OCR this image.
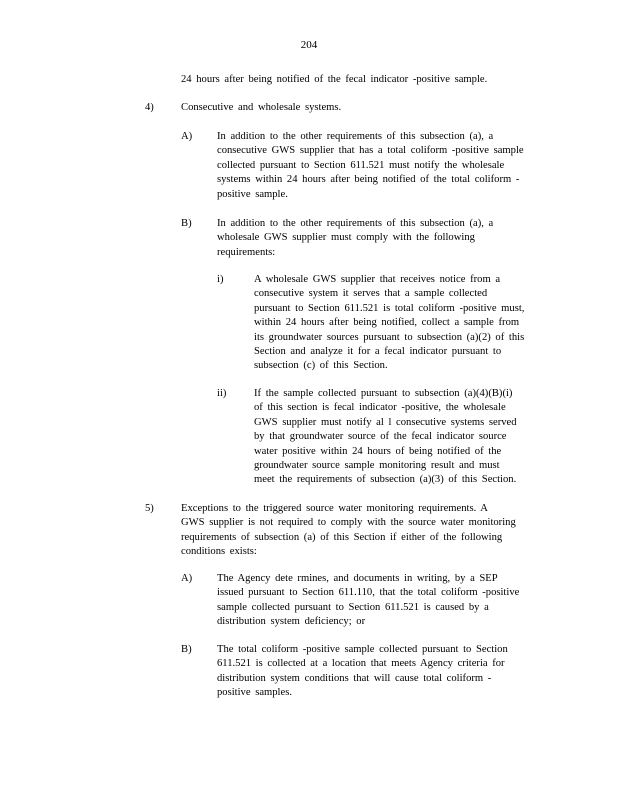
204

24 hours after being notified of the fecal indicator -positive sample.

4)	Consecutive and wholesale systems.

A) In addition to the other requirements of this subsection (a), a
consecutive GWS supplier that has a total coliform -positive sample
collected pursuant to Section 611.521 must notify the wholesale
systems within 24 hours after being notified of the total coliform -
positive sample.

B) In addition to the other requirements of this subsection (a), a
wholesale GWS supplier must comply with the following
requirements:

i)	A wholesale GWS supplier that receives notice from a
consecutive system it serves that a sample collected
pursuant to Section 611.521 is total coliform -positive must,
within 24 hours after being notified, collect a sample from
its groundwater sources pursuant to subsection (a)(2) of this
Section and analyze it for a fecal indicator pursuant to
subsection (c) of this Section.

ii)	If the sample collected pursuant to subsection (a)(4)(B)(i)
of this section is fecal indicator -positive, the wholesale
GWS supplier must notify al l consecutive systems served
by that groundwater source of the fecal indicator source
water positive within 24 hours of being notified of the
groundwater source sample monitoring result and must
meet the requirements of subsection (a)(3) of this Section.

5)	Exceptions to the triggered source water monitoring requirements. A
GWS supplier is not required to comply with the source water monitoring
requirements of subsection (a) of this Section if either of the following
conditions exists:

A) The Agency dete rmines, and documents in writing, by a SEP
issued pursuant to Section 611.110, that the total coliform -positive
sample collected pursuant to Section 611.521 is caused by a
distribution system deficiency; or

B) The total coliform -positive sample collected pursuant to Section
611.521 is collected at a location that meets Agency criteria for
distribution system conditions that will cause total coliform -
positive samples.
